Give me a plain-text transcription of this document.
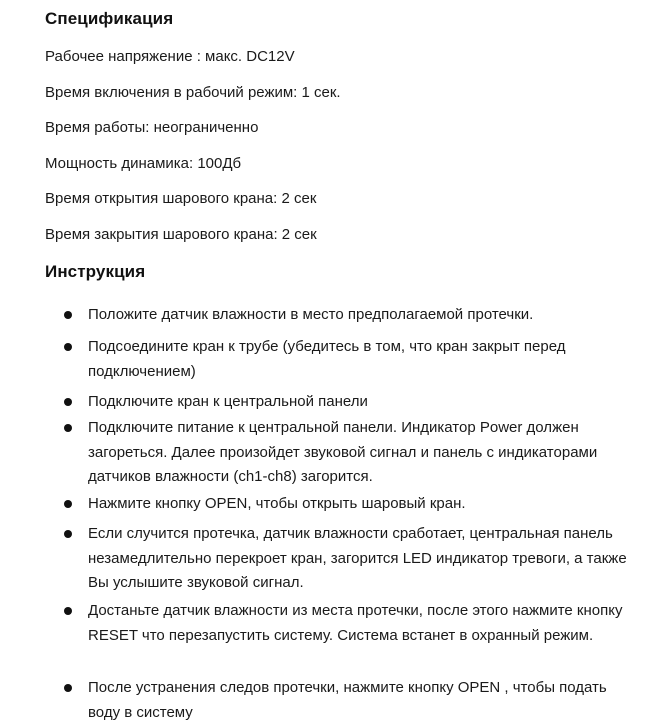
Спецификация
Рабочее напряжение : макс. DC12V
Время включения в рабочий режим: 1 сек.
Время работы: неограниченно
Мощность динамика: 100Дб
Время открытия шарового крана: 2 сек
Время закрытия шарового крана: 2 сек
Инструкция
Положите датчик влажности в место предполагаемой протечки.
Подсоедините кран к трубе (убедитесь в том, что кран закрыт перед подключением)
Подключите кран к центральной панели
Подключите питание к центральной панели. Индикатор Power должен загореться. Далее произойдет звуковой сигнал и панель с индикаторами датчиков влажности (ch1-ch8) загорится.
Нажмите кнопку OPEN, чтобы открыть шаровый кран.
Если случится протечка, датчик влажности сработает, центральная панель незамедлительно перекроет кран, загорится LED индикатор тревоги, а также Вы услышите звуковой сигнал.
Достаньте датчик влажности из места протечки, после этого нажмите кнопку RESET что перезапустить систему. Система встанет в охранный режим.
После устранения следов протечки, нажмите кнопку OPEN , чтобы подать воду в систему
